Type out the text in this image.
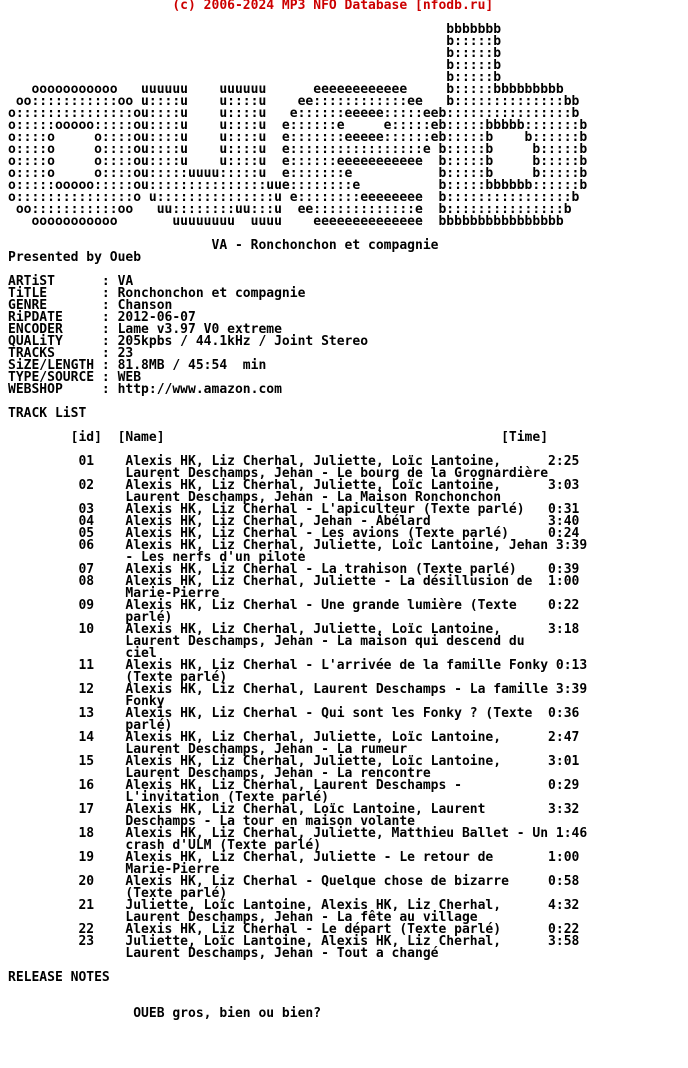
(c) 2006-2024 MP3 NFO Database [nfodb.ru]

bbbbbbb
b:::::b
b:::::b
b:::::b
b:::::b
ooooooooooo   uuuuuu    uuuuuu      eeeeeeeeeeee     b:::::bbbbbbbbb
oo:::::::::::oo u::::u    u::::u    ee::::::::::::ee   b::::::::::::::bb
o:::::::::::::::ou::::u    u::::u   e::::::eeeee:::::eeb::::::::::::::::b
o:::::ooooo:::::ou::::u    u::::u  e::::::e     e:::::eb:::::bbbbb:::::::b
o::::o     o::::ou::::u    u::::u  e:::::::eeeee::::::eb:::::b    b::::::b
o::::o     o::::ou::::u    u::::u  e:::::::::::::::::e b:::::b     b:::::b
o::::o     o::::ou::::u    u::::u  e::::::eeeeeeeeeee  b:::::b     b:::::b
o::::o     o::::ou:::::uuuu:::::u  e:::::::e           b:::::b     b:::::b
o:::::ooooo:::::ou:::::::::::::::uue::::::::e          b:::::bbbbbb::::::b
o:::::::::::::::o u:::::::::::::::u e::::::::eeeeeeee  b::::::::::::::::b
oo:::::::::::oo   uu::::::::uu:::u  ee:::::::::::::e  b:::::::::::::::b
ooooooooooo       uuuuuuuu  uuuu    eeeeeeeeeeeeee  bbbbbbbbbbbbbbbb

VA - Ronchonchon et compagnie
Presented by Oueb

ARTiST      : VA
TiTLE       : Ronchonchon et compagnie
GENRE       : Chanson
RiPDATE     : 2012-06-07
ENCODER     : Lame v3.97 V0 extreme
QUALiTY     : 205kpbs / 44.1kHz / Joint Stereo
TRACKS      : 23
SiZE/LENGTH : 81.8MB / 45:54  min
TYPE/SOURCE : WEB
WEBSHOP     : http://www.amazon.com

TRACK LiST

[id]  [Name]                                           [Time]

01    Alexis HK, Liz Cherhal, Juliette, Loïc Lantoine,      2:25
Laurent Deschamps, Jehan - Le bourg de la Grognardière
02    Alexis HK, Liz Cherhal, Juliette, Loïc Lantoine,      3:03
Laurent Deschamps, Jehan - La Maison Ronchonchon
03    Alexis HK, Liz Cherhal - L'apiculteur (Texte parlé)   0:31
04    Alexis HK, Liz Cherhal, Jehan - Abélard               3:40
05    Alexis HK, Liz Cherhal - Les avions (Texte parlé)     0:24
06    Alexis HK, Liz Cherhal, Juliette, Loïc Lantoine, Jehan 3:39
- Les nerfs d'un pilote
07    Alexis HK, Liz Cherhal - La trahison (Texte parlé)    0:39
08    Alexis HK, Liz Cherhal, Juliette - La désillusion de  1:00
Marie-Pierre
09    Alexis HK, Liz Cherhal - Une grande lumière (Texte    0:22
parlé)
10    Alexis HK, Liz Cherhal, Juliette, Loïc Lantoine,      3:18
Laurent Deschamps, Jehan - La maison qui descend du
ciel
11    Alexis HK, Liz Cherhal - L'arrivée de la famille Fonky 0:13
(Texte parlé)
12    Alexis HK, Liz Cherhal, Laurent Deschamps - La famille 3:39
Fonky
13    Alexis HK, Liz Cherhal - Qui sont les Fonky ? (Texte  0:36
parlé)
14    Alexis HK, Liz Cherhal, Juliette, Loïc Lantoine,      2:47
Laurent Deschamps, Jehan - La rumeur
15    Alexis HK, Liz Cherhal, Juliette, Loïc Lantoine,      3:01
Laurent Deschamps, Jehan - La rencontre
16    Alexis HK, Liz Cherhal, Laurent Deschamps -           0:29
L'invitation (Texte parlé)
17    Alexis HK, Liz Cherhal, Loïc Lantoine, Laurent        3:32
Deschamps - La tour en maison volante
18    Alexis HK, Liz Cherhal, Juliette, Matthieu Ballet - Un 1:46
crash d'ULM (Texte parlé)
19    Alexis HK, Liz Cherhal, Juliette - Le retour de       1:00
Marie-Pierre
20    Alexis HK, Liz Cherhal - Quelque chose de bizarre     0:58
(Texte parlé)
21    Juliette, Loïc Lantoine, Alexis HK, Liz Cherhal,      4:32
Laurent Deschamps, Jehan - La fête au village
22    Alexis HK, Liz Cherhal - Le départ (Texte parlé)      0:22
23    Juliette, Loïc Lantoine, Alexis HK, Liz Cherhal,      3:58
Laurent Deschamps, Jehan - Tout a changé

RELEASE NOTES

OUEB gros, bien ou bien?
